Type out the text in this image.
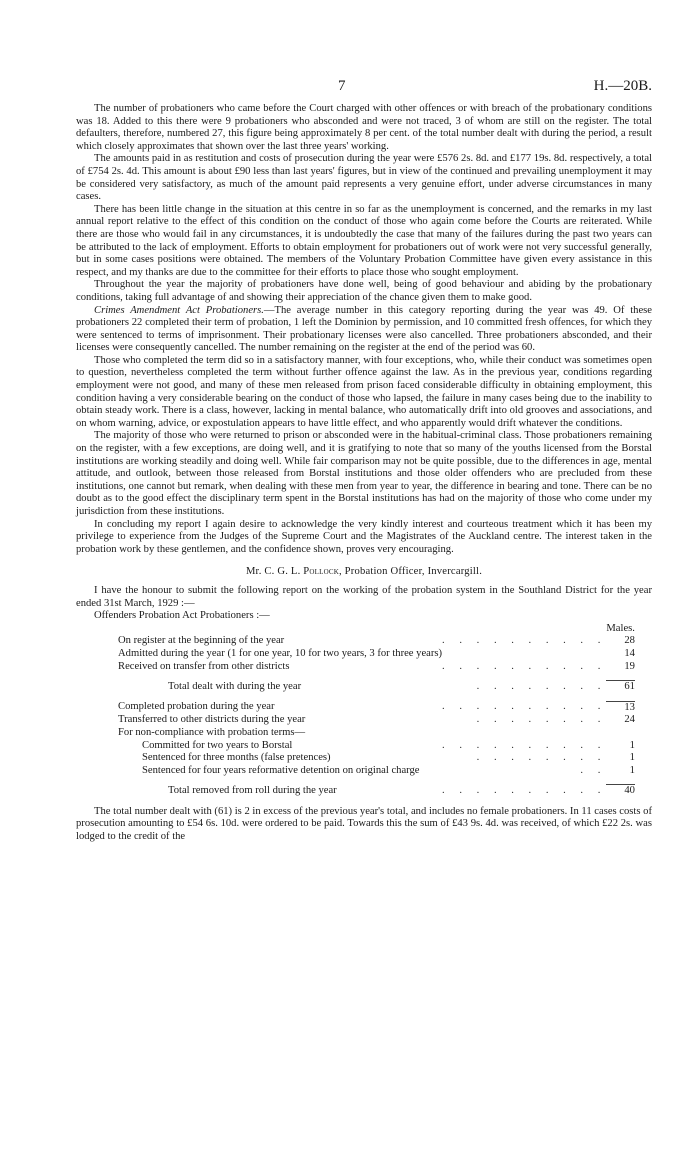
7	H.—20B.

The number of probationers who came before the Court charged with other offences or with breach of the probationary conditions was 18. Added to this there were 9 probationers who absconded and were not traced, 3 of whom are still on the register. The total defaulters, therefore, numbered 27, this figure being approximately 8 per cent. of the total number dealt with during the period, a result which closely approximates that shown over the last three years' working.

The amounts paid in as restitution and costs of prosecution during the year were £576 2s. 8d. and £177 19s. 8d. respectively, a total of £754 2s. 4d. This amount is about £90 less than last years' figures, but in view of the continued and prevailing unemployment it may be considered very satisfactory, as much of the amount paid represents a very genuine effort, under adverse circumstances in many cases.

There has been little change in the situation at this centre in so far as the unemployment is concerned, and the remarks in my last annual report relative to the effect of this condition on the conduct of those who again come before the Courts are reiterated. While there are those who would fail in any circumstances, it is undoubtedly the case that many of the failures during the past two years can be attributed to the lack of employment. Efforts to obtain employment for probationers out of work were not very successful generally, but in some cases positions were obtained. The members of the Voluntary Probation Committee have given every assistance in this respect, and my thanks are due to the committee for their efforts to place those who sought employment.

Throughout the year the majority of probationers have done well, being of good behaviour and abiding by the probationary conditions, taking full advantage of and showing their appreciation of the chance given them to make good.

Crimes Amendment Act Probationers.—The average number in this category reporting during the year was 49. Of these probationers 22 completed their term of probation, 1 left the Dominion by permission, and 10 committed fresh offences, for which they were sentenced to terms of imprisonment. Their probationary licenses were also cancelled. Three probationers absconded, and their licenses were consequently cancelled. The number remaining on the register at the end of the period was 60.

Those who completed the term did so in a satisfactory manner, with four exceptions, who, while their conduct was sometimes open to question, nevertheless completed the term without further offence against the law. As in the previous year, conditions regarding employment were not good, and many of these men released from prison faced considerable difficulty in obtaining employment, this condition having a very considerable bearing on the conduct of those who lapsed, the failure in many cases being due to the inability to obtain steady work. There is a class, however, lacking in mental balance, who automatically drift into old grooves and associations, and on whom warning, advice, or expostulation appears to have little effect, and who apparently would drift whatever the conditions.

The majority of those who were returned to prison or absconded were in the habitual-criminal class. Those probationers remaining on the register, with a few exceptions, are doing well, and it is gratifying to note that so many of the youths licensed from the Borstal institutions are working steadily and doing well. While fair comparison may not be quite possible, due to the differences in age, mental attitude, and outlook, between those released from Borstal institutions and those older offenders who are precluded from these institutions, one cannot but remark, when dealing with these men from year to year, the difference in bearing and tone. There can be no doubt as to the good effect the disciplinary term spent in the Borstal institutions has had on the majority of those who come under my jurisdiction from these institutions.

In concluding my report I again desire to acknowledge the very kindly interest and courteous treatment which it has been my privilege to experience from the Judges of the Supreme Court and the Magistrates of the Auckland centre. The interest taken in the probation work by these gentlemen, and the confidence shown, proves very encouraging.

Mr. C. G. L. Pollock, Probation Officer, Invercargill.

I have the honour to submit the following report on the working of the probation system in the Southland District for the year ended 31st March, 1929 :—

Offenders Probation Act Probationers :—

		Males.
On register at the beginning of the year	. . . . . . . . . .	28
Admitted during the year (1 for one year, 10 for two years, 3 for three years)		14
Received on transfer from other districts	. . . . . . . . . .	19

Total dealt with during the year	. . . . . . . .	61

Completed probation during the year	. . . . . . . . . .	13
Transferred to other districts during the year	. . . . . . . .	24
For non-compliance with probation terms—		
Committed for two years to Borstal	. . . . . . . . . .	1
Sentenced for three months (false pretences)	. . . . . . . .	1
Sentenced for four years reformative detention on original charge	. .	1

Total removed from roll during the year	. . . . . . . . . .	40

The total number dealt with (61) is 2 in excess of the previous year's total, and includes no female probationers. In 11 cases costs of prosecution amounting to £54 6s. 10d. were ordered to be paid. Towards this the sum of £43 9s. 4d. was received, of which £22 2s. was lodged to the credit of the
